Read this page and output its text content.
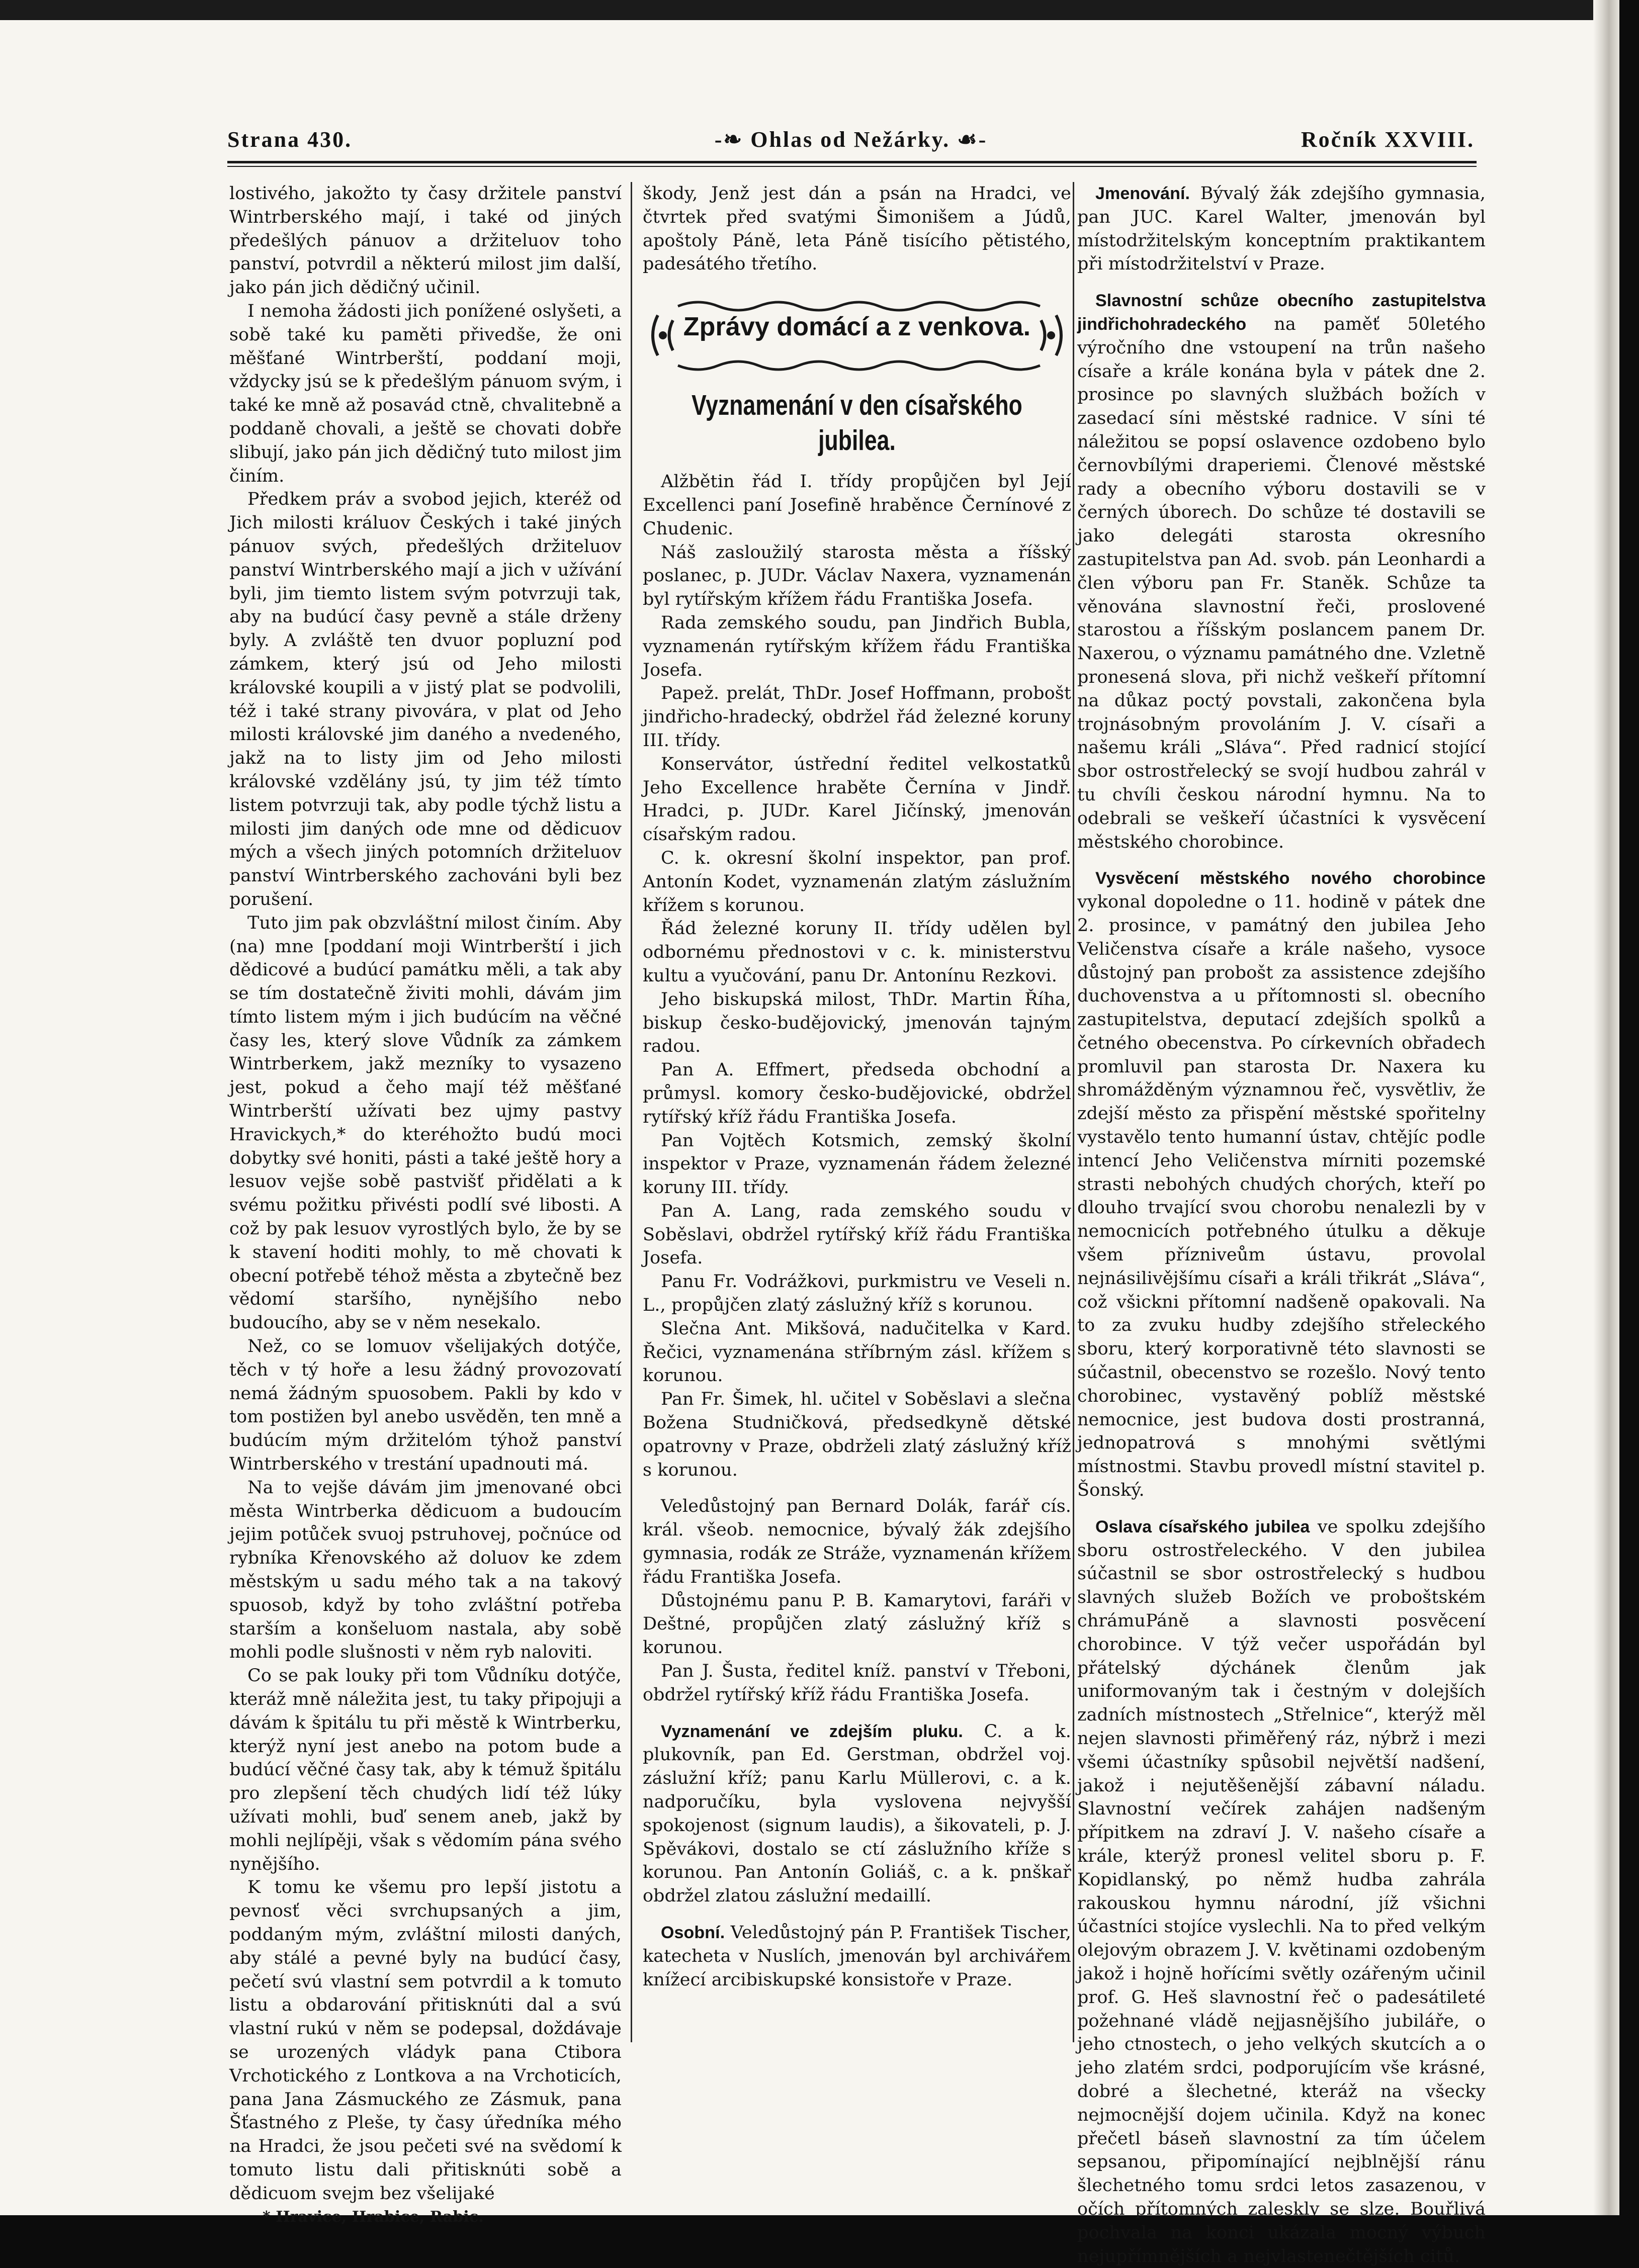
Strana 430.	-❧ Ohlas od Nežárky. ☙-	Ročník XXVIII.

lostivého, jakožto ty časy držitele panství Wintrberského mají, i také od jiných předešlých pánuov a držiteluov toho panství, potvrdil a některú milost jim další, jako pán jich dědičný učinil.

I nemoha žádosti jich ponížené oslyšeti, a sobě také ku paměti přivedše, že oni měšťané Wintrberští, poddaní moji, vždycky jsú se k předešlým pánuom svým, i také ke mně až posavád ctně, chvalitebně a poddaně chovali, a ještě se chovati dobře slibují, jako pán jich dědičný tuto milost jim činím.

Předkem práv a svobod jejich, kteréž od Jich milosti králuov Českých i také jiných pánuov svých, předešlých držiteluov panství Wintrberského mají a jich v užívání byli, jim tiemto listem svým potvrzuji tak, aby na budúcí časy pevně a stále drženy byly. A zvláště ten dvuor popluzní pod zámkem, který jsú od Jeho milosti královské koupili a v jistý plat se podvolili, též i také strany pivovára, v plat od Jeho milosti královské jim daného a nvedeného, jakž na to listy jim od Jeho milosti královské vzdělány jsú, ty jim též tímto listem potvrzuji tak, aby podle týchž listu a milosti jim daných ode mne od dědicuov mých a všech jiných potomních držiteluov panství Wintrberského zachováni byli bez porušení.

Tuto jim pak obzvláštní milost činím. Aby (na) mne [poddaní moji Wintrberští i jich dědicové a budúcí památku měli, a tak aby se tím dostatečně živiti mohli, dávám jim tímto listem mým i jich budúcím na věčné časy les, který slove Vůdník za zámkem Wintrberkem, jakž mezníky to vysazeno jest, pokud a čeho mají též měšťané Wintrberští užívati bez ujmy pastvy Hravickych,* do kteréhožto budú moci dobytky své honiti, pásti a také ještě hory a lesuov vejše sobě pastvišť přidělati a k svému požitku přivésti podlí své libosti. A což by pak lesuov vyrostlých bylo, že by se k stavení hoditi mohly, to mě chovati k obecní potřebě téhož města a zbytečně bez vědomí staršího, nynějšího nebo budoucího, aby se v něm nesekalo.

Než, co se lomuov všelijakých dotýče, těch v tý hoře a lesu žádný provozovatí nemá žádným spuosobem. Pakli by kdo v tom postižen byl anebo usvěděn, ten mně a budúcím mým držitelóm týhož panství Wintrberského v trestání upadnouti má.

Na to vejše dávám jim jmenované obci města Wintrberka dědicuom a budoucím jejim potůček svuoj pstruhovej, počnúce od rybníka Křenovského až doluov ke zdem městským u sadu mého tak a na takový spuosob, když by toho zvláštní potřeba starším a konšeluom nastala, aby sobě mohli podle slušnosti v něm ryb naloviti.

Co se pak louky při tom Vůdníku dotýče, kteráž mně náležita jest, tu taky připojuji a dávám k špitálu tu při městě k Wintrberku, kterýž nyní jest anebo na potom bude a budúcí věčné časy tak, aby k témuž špitálu pro zlepšení těch chudých lidí též lúky užívati mohli, buď senem aneb, jakž by mohli nejlípěji, však s vědomím pána svého nynějšího.

K tomu ke všemu pro lepší jistotu a pevnosť věci svrchupsaných a jim, poddaným mým, zvláštní milosti daných, aby stálé a pevné byly na budúcí časy, pečetí svú vlastní sem potvrdil a k tomuto listu a obdarování přitisknúti dal a svú vlastní rukú v něm se podepsal, doždávaje se urozených vládyk pana Ctibora Vrchotického z Lontkova a na Vrchoticích, pana Jana Zásmuckého ze Zásmuk, pana Šťastného z Pleše, ty časy úředníka mého na Hradci, že jsou pečeti své na svědomí k tomuto listu dali přitisknúti sobě a dědicuom svejm bez všelijaké

* Hravice, Hrabice, Rabic.

škody, Jenž jest dán a psán na Hradci, ve čtvrtek před svatými Šimonišem a Júdů, apoštoly Páně, leta Páně tisícího pětistého, padesátého třetího.

Zprávy domácí a z venkova.
Vyznamenání v den císařského jubilea.

Alžbětin řád I. třídy propůjčen byl Její Excellenci paní Josefině hraběnce Černínové z Chudenic.

Náš zasloužilý starosta města a říšský poslanec, p. JUDr. Václav Naxera, vyznamenán byl rytířským křížem řádu Františka Josefa.

Rada zemského soudu, pan Jindřich Bubla, vyznamenán rytířským křížem řádu Františka Josefa.

Papež. prelát, ThDr. Josef Hoffmann, probošt jindřicho-hradecký, obdržel řád železné koruny III. třídy.

Konservátor, ústřední ředitel velkostatků Jeho Excellence hraběte Černína v Jindř. Hradci, p. JUDr. Karel Jičínský, jmenován císařským radou.

C. k. okresní školní inspektor, pan prof. Antonín Kodet, vyznamenán zlatým záslužním křížem s korunou.

Řád železné koruny II. třídy udělen byl odbornému přednostovi v c. k. ministerstvu kultu a vyučování, panu Dr. Antonínu Rezkovi.

Jeho biskupská milost, ThDr. Martin Říha, biskup česko-budějovický, jmenován tajným radou.

Pan A. Effmert, předseda obchodní a průmysl. komory česko-budějovické, obdržel rytířský kříž řádu Františka Josefa.

Pan Vojtěch Kotsmich, zemský školní inspektor v Praze, vyznamenán řádem železné koruny III. třídy.

Pan A. Lang, rada zemského soudu v Soběslavi, obdržel rytířský kříž řádu Františka Josefa.

Panu Fr. Vodrážkovi, purkmistru ve Veseli n. L., propůjčen zlatý záslužný kříž s korunou.

Slečna Ant. Mikšová, nadučitelka v Kard. Řečici, vyznamenána stříbrným zásl. křížem s korunou.

Pan Fr. Šimek, hl. učitel v Soběslavi a slečna Božena Studničková, předsedkyně dětské opatrovny v Praze, obdrželi zlatý záslužný kříž s korunou.

Veledůstojný pan Bernard Dolák, farář cís. král. všeob. nemocnice, bývalý žák zdejšího gymnasia, rodák ze Stráže, vyznamenán křížem řádu Františka Josefa.

Důstojnému panu P. B. Kamarytovi, faráři v Deštné, propůjčen zlatý záslužný kříž s korunou.

Pan J. Šusta, ředitel kníž. panství v Třeboni, obdržel rytířský kříž řádu Františka Josefa.

Vyznamenání ve zdejším pluku. C. a k. plukovník, pan Ed. Gerstman, obdržel voj. záslužní kříž; panu Karlu Müllerovi, c. a k. nadporučíku, byla vyslovena nejvyšší spokojenost (signum laudis), a šikovateli, p. J. Spěvákovi, dostalo se ctí záslužního kříže s korunou. Pan Antonín Goliáš, c. a k. pnškař obdržel zlatou záslužní medaillí.

Osobní. Veledůstojný pán P. František Tischer, katecheta v Nuslích, jmenován byl archivářem knížecí arcibiskupské konsistoře v Praze.

Jmenování. Bývalý žák zdejšího gymnasia, pan JUC. Karel Walter, jmenován byl místodržitelským konceptním praktikantem při místodržitelství v Praze.

Slavnostní schůze obecního zastupitelstva jindřichohradeckého na paměť 50letého výročního dne vstoupení na trůn našeho císaře a krále konána byla v pátek dne 2. prosince po slavných službách božích v zasedací síni městské radnice. V síni té náležitou se popsí oslavence ozdobeno bylo černovbílými draperiemi. Členové městské rady a obecního výboru dostavili se v černých úborech. Do schůze té dostavili se jako delegáti starosta okresního zastupitelstva pan Ad. svob. pán Leonhardi a člen výboru pan Fr. Staněk. Schůze ta věnována slavnostní řeči, proslovené starostou a říšským poslancem panem Dr. Naxerou, o významu památného dne. Vzletně pronesená slova, při nichž veškeří přítomní na důkaz poctý povstali, zakončena byla trojnásobným provoláním J. V. císaři a našemu králi „Sláva“. Před radnicí stojící sbor ostrostřelecký se svojí hudbou zahrál v tu chvíli českou národní hymnu. Na to odebrali se veškeří účastníci k vysvěcení městského chorobince.

Vysvěcení městského nového chorobince vykonal dopoledne o 11. hodině v pátek dne 2. prosince, v památný den jubilea Jeho Veličenstva císaře a krále našeho, vysoce důstojný pan probošt za assistence zdejšího duchovenstva a u přítomnosti sl. obecního zastupitelstva, deputací zdejších spolků a četného obecenstva. Po církevních obřadech promluvil pan starosta Dr. Naxera ku shromážděným významnou řeč, vysvětliv, že zdejší město za přispění městské spořitelny vystavělo tento humanní ústav, chtějíc podle intencí Jeho Veličenstva mírniti pozemské strasti nebohých chudých chorých, kteří po dlouho trvající svou chorobu nenalezli by v nemocnicích potřebného útulku a děkuje všem přízniveům ústavu, provolal nejnásilivějšímu císaři a králi třikrát „Sláva“, což všickni přítomní nadšeně opakovali. Na to za zvuku hudby zdejšího střeleckého sboru, který korporativně této slavnosti se súčastnil, obecenstvo se rozešlo. Nový tento chorobinec, vystavěný poblíž městské nemocnice, jest budova dosti prostranná, jednopatrová s mnohými světlými místnostmi. Stavbu provedl místní stavitel p. Šonský.

Oslava císařského jubilea ve spolku zdejšího sboru ostrostřeleckého. V den jubilea súčastnil se sbor ostrostřelecký s hudbou slavných služeb Božích ve proboštském chrámuPáně a slavnosti posvěcení chorobince. V týž večer uspořádán byl přátelský dýchánek členům jak uniformovaným tak i čestným v dolejších zadních místnostech „Střelnice“, kterýž měl nejen slavnosti přiměřený ráz, nýbrž i mezi všemi účastníky spůsobil největší nadšení, jakož i nejutěšenější zábavní náladu. Slavnostní večírek zahájen nadšeným přípitkem na zdraví J. V. našeho císaře a krále, kterýž pronesl velitel sboru p. F. Kopidlanský, po němž hudba zahrála rakouskou hymnu národní, jíž všichni účastníci stojíce vyslechli. Na to před velkým olejovým obrazem J. V. květinami ozdobeným jakož i hojně hořícími světly ozářeným učinil prof. G. Heš slavnostní řeč o padesátileté požehnané vládě nejjasnějšího jubiláře, o jeho ctnostech, o jeho velkých skutcích a o jeho zlatém srdci, podporujícím vše krásné, dobré a šlechetné, kteráž na všecky nejmocnější dojem učinila. Když na konec přečetl báseň slavnostní za tím účelem sepsanou, připomínající nejblnější ránu šlechetného tomu srdci letos zasazenou, v očích přítomných zaleskly se slze. Bouřlivá pochvala na konci ukázala mocný výbuch nejupřímnějších a nejvlastenečtějších citů.
